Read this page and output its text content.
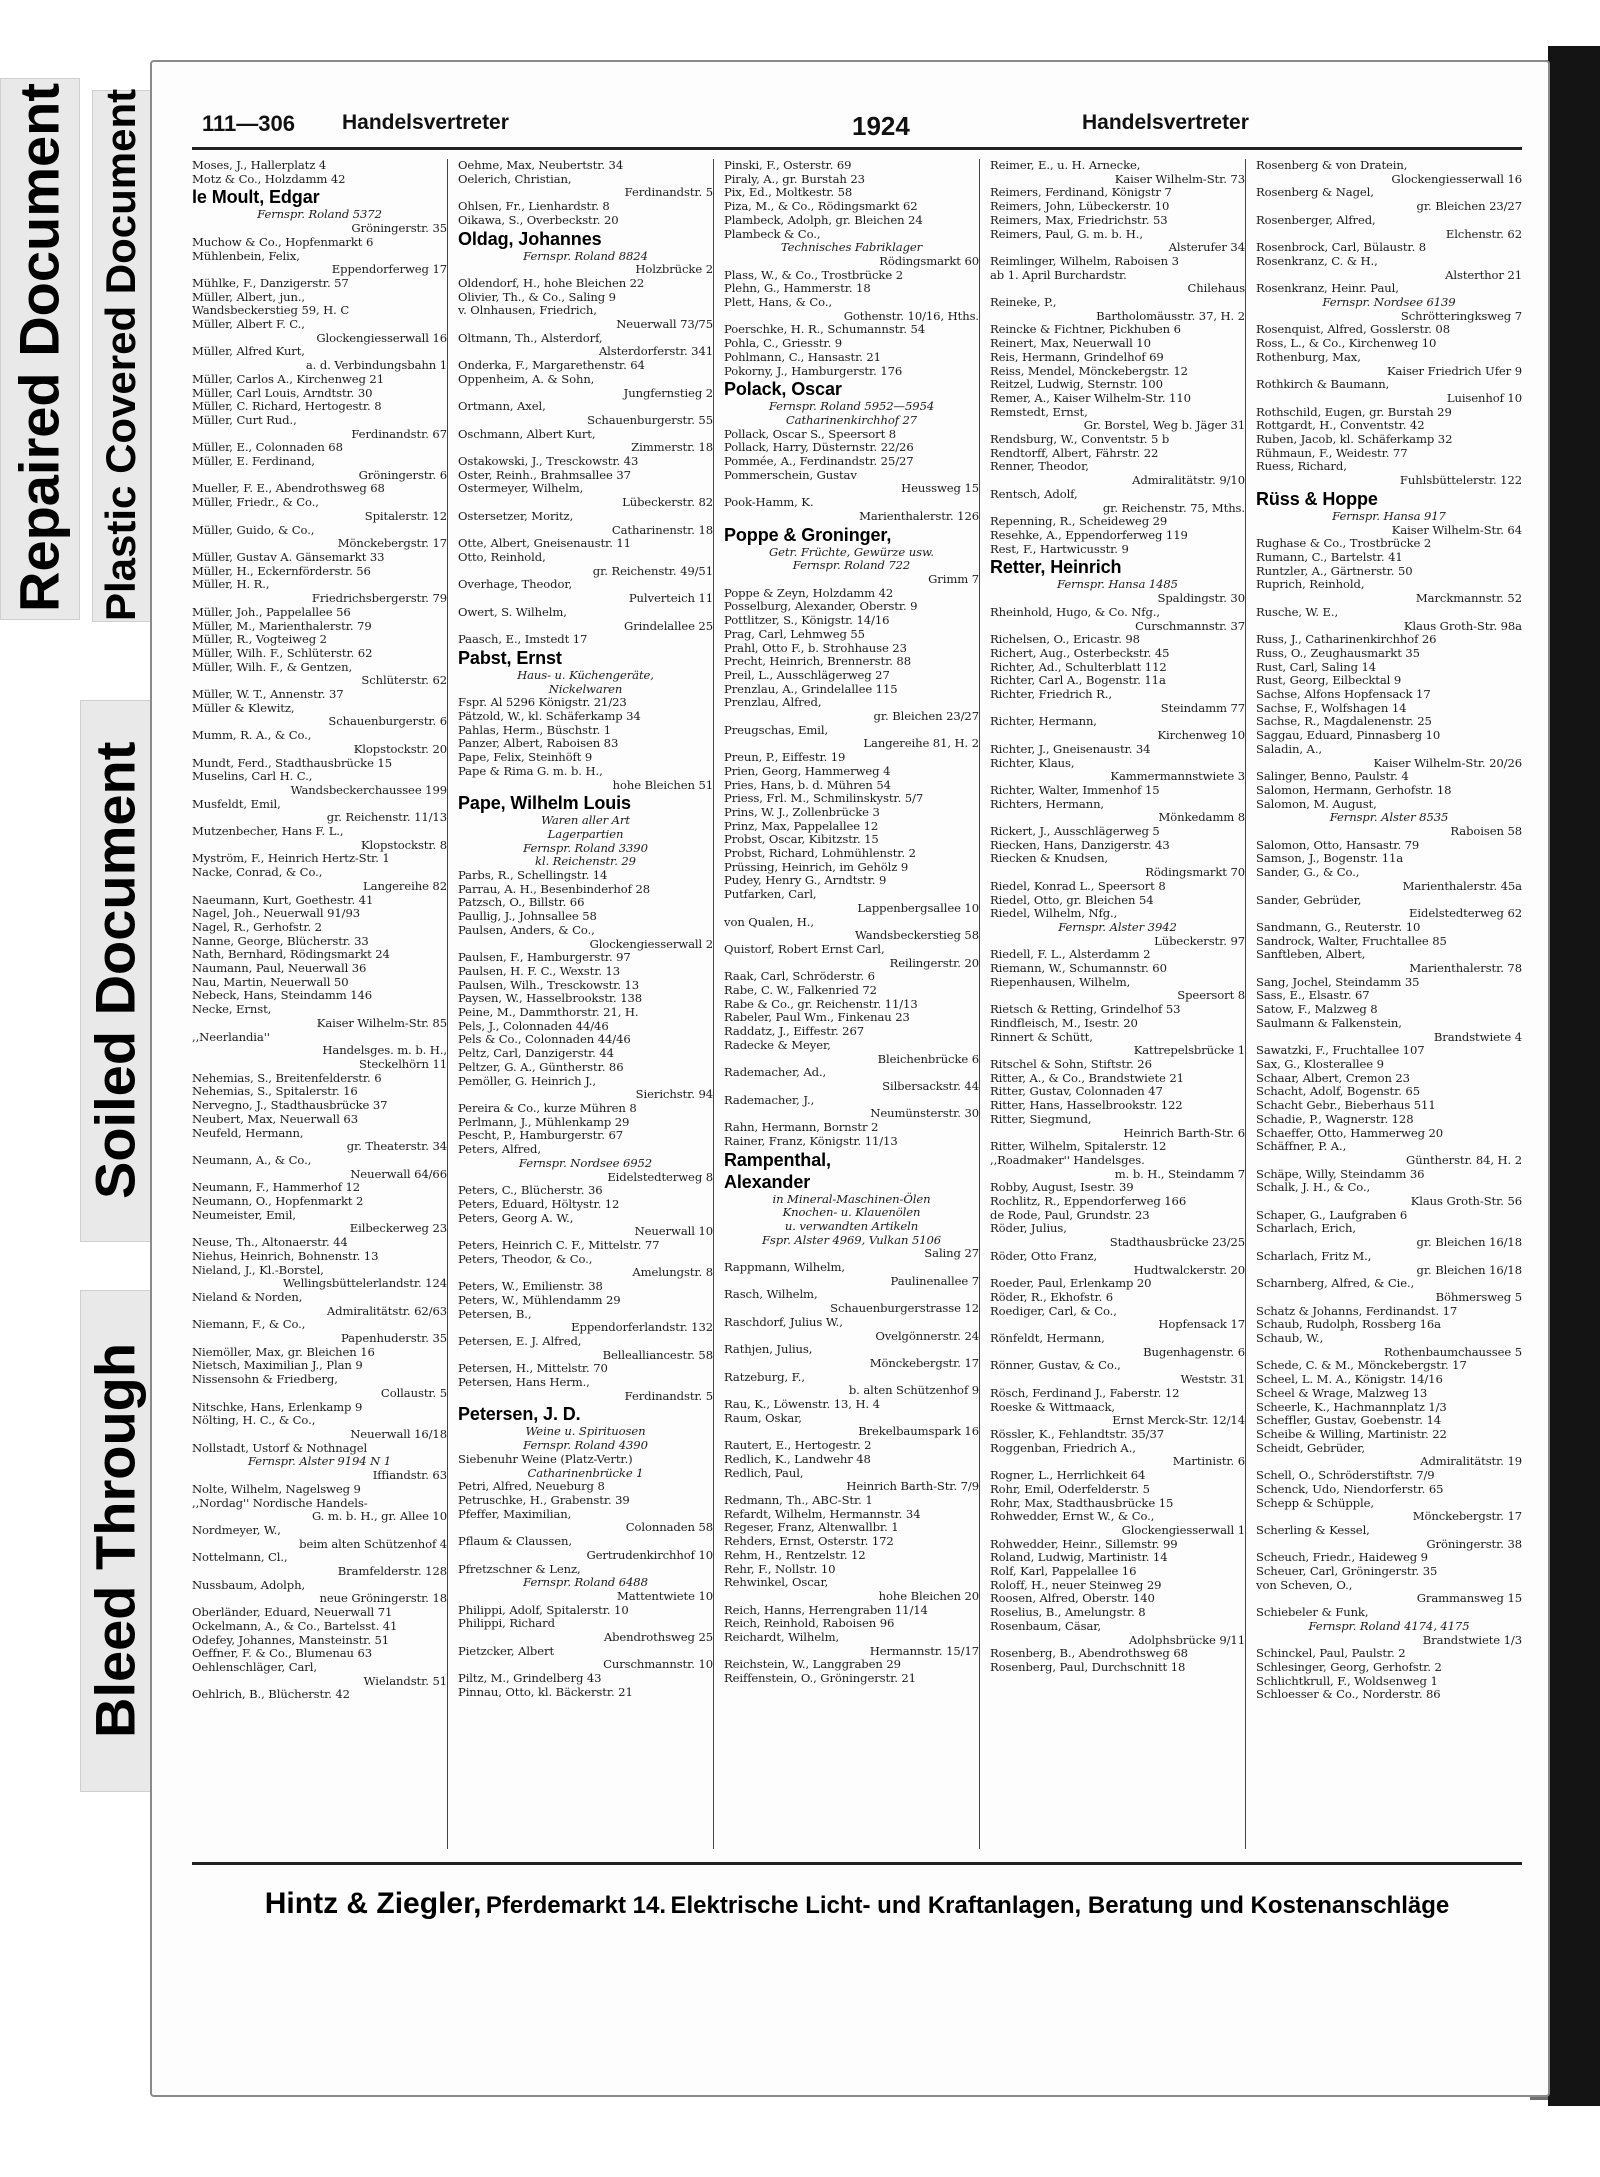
Repaired Document Plastic Covered Document
Soiled Document
Bleed Through
111—306 Handelsvertreter	1924	Handelsvertreter

Moses, J., Hallerplatz 4

Motz & Co., Holzdamm 42

le Moult, Edgar

Fernspr. Roland 5372

Gröningerstr. 35

Muchow & Co., Hopfenmarkt 6

Mühlenbein, Felix,

Eppendorferweg 17

Mühlke, F., Danzigerstr. 57

Müller, Albert, jun.,

Wandsbeckerstieg 59, H. C

Müller, Albert F. C.,

Glockengiesserwall 16

Müller, Alfred Kurt,

a. d. Verbindungsbahn 1

Müller, Carlos A., Kirchenweg 21

Müller, Carl Louis, Arndtstr. 30

Müller, C. Richard, Hertogestr. 8

Müller, Curt Rud.,

Ferdinandstr. 67

Müller, E., Colonnaden 68

Müller, E. Ferdinand,

Gröningerstr. 6

Mueller, F. E., Abendrothsweg 68

Müller, Friedr., & Co.,

Spitalerstr. 12

Müller, Guido, & Co.,

Mönckebergstr. 17

Müller, Gustav A. Gänsemarkt 33

Müller, H., Eckernförderstr. 56

Müller, H. R.,

Friedrichsbergerstr. 79

Müller, Joh., Pappelallee 56

Müller, M., Marienthalerstr. 79

Müller, R., Vogteiweg 2

Müller, Wilh. F., Schlüterstr. 62

Müller, Wilh. F., & Gentzen,

Schlüterstr. 62

Müller, W. T., Annenstr. 37

Müller & Klewitz,

Schauenburgerstr. 6

Mumm, R. A., & Co.,

Klopstockstr. 20

Mundt, Ferd., Stadthausbrücke 15

Muselins, Carl H. C.,

Wandsbeckerchaussee 199

Musfeldt, Emil,

gr. Reichenstr. 11/13

Mutzenbecher, Hans F. L.,

Klopstockstr. 8

Myström, F., Heinrich Hertz-Str. 1

Nacke, Conrad, & Co.,

Langereihe 82

Naeumann, Kurt, Goethestr. 41

Nagel, Joh., Neuerwall 91/93

Nagel, R., Gerhofstr. 2

Nanne, George, Blücherstr. 33

Nath, Bernhard, Rödingsmarkt 24

Naumann, Paul, Neuerwall 36

Nau, Martin, Neuerwall 50

Nebeck, Hans, Steindamm 146

Necke, Ernst,

Kaiser Wilhelm-Str. 85

,,Neerlandia''

Handelsges. m. b. H.,

Steckelhörn 11

Nehemias, S., Breitenfelderstr. 6

Nehemias, S., Spitalerstr. 16

Nervegno, J., Stadthausbrücke 37

Neubert, Max, Neuerwall 63

Neufeld, Hermann,

gr. Theaterstr. 34

Neumann, A., & Co.,

Neuerwall 64/66

Neumann, F., Hammerhof 12

Neumann, O., Hopfenmarkt 2

Neumeister, Emil,

Eilbeckerweg 23

Neuse, Th., Altonaerstr. 44

Niehus, Heinrich, Bohnenstr. 13

Nieland, J., Kl.-Borstel,

Wellingsbüttelerlandstr. 124

Nieland & Norden,

Admiralitätstr. 62/63

Niemann, F., & Co.,

Papenhuderstr. 35

Niemöller, Max, gr. Bleichen 16

Nietsch, Maximilian J., Plan 9

Nissensohn & Friedberg,

Collaustr. 5

Nitschke, Hans, Erlenkamp 9

Nölting, H. C., & Co.,

Neuerwall 16/18

Nollstadt, Ustorf & Nothnagel

Fernspr. Alster 9194 N 1

Iffiandstr. 63

Nolte, Wilhelm, Nagelsweg 9

,,Nordag'' Nordische Handels-

G. m. b. H., gr. Allee 10

Nordmeyer, W.,

beim alten Schützenhof 4

Nottelmann, Cl.,

Bramfelderstr. 128

Nussbaum, Adolph,

neue Gröningerstr. 18

Oberländer, Eduard, Neuerwall 71

Ockelmann, A., & Co., Bartelsst. 41

Odefey, Johannes, Mansteinstr. 51

Oeffner, F. & Co., Blumenau 63

Oehlenschläger, Carl,

Wielandstr. 51

Oehlrich, B., Blücherstr. 42

Oehme, Max, Neubertstr. 34

Oelerich, Christian,

Ferdinandstr. 5

Ohlsen, Fr., Lienhardstr. 8

Oikawa, S., Overbeckstr. 20

Oldag, Johannes

Fernspr. Roland 8824

Holzbrücke 2

Oldendorf, H., hohe Bleichen 22

Olivier, Th., & Co., Saling 9

v. Olnhausen, Friedrich,

Neuerwall 73/75

Oltmann, Th., Alsterdorf,

Alsterdorferstr. 341

Onderka, F., Margarethenstr. 64

Oppenheim, A. & Sohn,

Jungfernstieg 2

Ortmann, Axel,

Schauenburgerstr. 55

Oschmann, Albert Kurt,

Zimmerstr. 18

Ostakowski, J., Tresckowstr. 43

Oster, Reinh., Brahmsallee 37

Ostermeyer, Wilhelm,

Lübeckerstr. 82

Ostersetzer, Moritz,

Catharinenstr. 18

Otte, Albert, Gneisenaustr. 11

Otto, Reinhold,

gr. Reichenstr. 49/51

Overhage, Theodor,

Pulverteich 11

Owert, S. Wilhelm,

Grindelallee 25

Paasch, E., Imstedt 17

Pabst, Ernst

Haus- u. Küchengeräte,

Nickelwaren

Fspr. Al 5296 Königstr. 21/23

Pätzold, W., kl. Schäferkamp 34

Pahlas, Herm., Büschstr. 1

Panzer, Albert, Raboisen 83

Pape, Felix, Steinhöft 9

Pape & Rima G. m. b. H.,

hohe Bleichen 51

Pape, Wilhelm Louis

Waren aller Art

Lagerpartien

Fernspr. Roland 3390

kl. Reichenstr. 29

Parbs, R., Schellingstr. 14

Parrau, A. H., Besenbinderhof 28

Patzsch, O., Billstr. 66

Paullig, J., Johnsallee 58

Paulsen, Anders, & Co.,

Glockengiesserwall 2

Paulsen, F., Hamburgerstr. 97

Paulsen, H. F. C., Wexstr. 13

Paulsen, Wilh., Tresckowstr. 13

Paysen, W., Hasselbrookstr. 138

Peine, M., Dammthorstr. 21, H.

Pels, J., Colonnaden 44/46

Pels & Co., Colonnaden 44/46

Peltz, Carl, Danzigerstr. 44

Peltzer, G. A., Güntherstr. 86

Pemöller, G. Heinrich J.,

Sierichstr. 94

Pereira & Co., kurze Mühren 8

Perlmann, J., Mühlenkamp 29

Pescht, P., Hamburgerstr. 67

Peters, Alfred,

Fernspr. Nordsee 6952

Eidelstedterweg 8

Peters, C., Blücherstr. 36

Peters, Eduard, Höltystr. 12

Peters, Georg A. W.,

Neuerwall 10

Peters, Heinrich C. F., Mittelstr. 77

Peters, Theodor, & Co.,

Amelungstr. 8

Peters, W., Emilienstr. 38

Peters, W., Mühlendamm 29

Petersen, B.,

Eppendorferlandstr. 132

Petersen, E. J. Alfred,

Bellealliancestr. 58

Petersen, H., Mittelstr. 70

Petersen, Hans Herm.,

Ferdinandstr. 5

Petersen, J. D.

Weine u. Spirituosen

Fernspr. Roland 4390

Siebenuhr Weine (Platz-Vertr.)

Catharinenbrücke 1

Petri, Alfred, Neueburg 8

Petruschke, H., Grabenstr. 39

Pfeffer, Maximilian,

Colonnaden 58

Pflaum & Claussen,

Gertrudenkirchhof 10

Pfretzschner & Lenz,

Fernspr. Roland 6488

Mattentwiete 10

Philippi, Adolf, Spitalerstr. 10

Philippi, Richard

Abendrothsweg 25

Pietzcker, Albert

Curschmannstr. 10

Piltz, M., Grindelberg 43

Pinnau, Otto, kl. Bäckerstr. 21

Pinski, F., Osterstr. 69

Piraly, A., gr. Burstah 23

Pix, Ed., Moltkestr. 58

Piza, M., & Co., Rödingsmarkt 62

Plambeck, Adolph, gr. Bleichen 24

Plambeck & Co.,

Technisches Fabriklager

Rödingsmarkt 60

Plass, W., & Co., Trostbrücke 2

Plehn, G., Hammerstr. 18

Plett, Hans, & Co.,

Gothenstr. 10/16, Hths.

Poerschke, H. R., Schumannstr. 54

Pohla, C., Griesstr. 9

Pohlmann, C., Hansastr. 21

Pokorny, J., Hamburgerstr. 176

Polack, Oscar

Fernspr. Roland 5952—5954

Catharinenkirchhof 27

Pollack, Oscar S., Speersort 8

Pollack, Harry, Düsternstr. 22/26

Pommée, A., Ferdinandstr. 25/27

Pommerschein, Gustav

Heussweg 15

Pook-Hamm, K.

Marienthalerstr. 126

Poppe & Groninger,

Getr. Früchte, Gewürze usw.

Fernspr. Roland 722

Grimm 7

Poppe & Zeyn, Holzdamm 42

Posselburg, Alexander, Oberstr. 9

Pottlitzer, S., Königstr. 14/16

Prag, Carl, Lehmweg 55

Prahl, Otto F., b. Strohhause 23

Precht, Heinrich, Brennerstr. 88

Preil, L., Ausschlägerweg 27

Prenzlau, A., Grindelallee 115

Prenzlau, Alfred,

gr. Bleichen 23/27

Preugschas, Emil,

Langereihe 81, H. 2

Preun, P., Eiffestr. 19

Prien, Georg, Hammerweg 4

Pries, Hans, b. d. Mühren 54

Priess, Frl. M., Schmilinskystr. 5/7

Prins, W. J., Zollenbrücke 3

Prinz, Max, Pappelallee 12

Probst, Oscar, Kibitzstr. 15

Probst, Richard, Lohmühlenstr. 2

Prüssing, Heinrich, im Gehölz 9

Pudey, Henry G., Arndtstr. 9

Putfarken, Carl,

Lappenbergsallee 10

von Qualen, H.,

Wandsbeckerstieg 58

Quistorf, Robert Ernst Carl,

Reilingerstr. 20

Raak, Carl, Schröderstr. 6

Rabe, C. W., Falkenried 72

Rabe & Co., gr. Reichenstr. 11/13

Rabeler, Paul Wm., Finkenau 23

Raddatz, J., Eiffestr. 267

Radecke & Meyer,

Bleichenbrücke 6

Rademacher, Ad.,

Silbersackstr. 44

Rademacher, J.,

Neumünsterstr. 30

Rahn, Hermann, Bornstr 2

Rainer, Franz, Königstr. 11/13

Rampenthal,

Alexander

in Mineral-Maschinen-Ölen

Knochen- u. Klauenölen

u. verwandten Artikeln

Fspr. Alster 4969, Vulkan 5106

Saling 27

Rappmann, Wilhelm,

Paulinenallee 7

Rasch, Wilhelm,

Schauenburgerstrasse 12

Raschdorf, Julius W.,

Ovelgönnerstr. 24

Rathjen, Julius,

Mönckebergstr. 17

Ratzeburg, F.,

b. alten Schützenhof 9

Rau, K., Löwenstr. 13, H. 4

Raum, Oskar,

Brekelbaumspark 16

Rautert, E., Hertogestr. 2

Redlich, K., Landwehr 48

Redlich, Paul,

Heinrich Barth-Str. 7/9

Redmann, Th., ABC-Str. 1

Refardt, Wilhelm, Hermannstr. 34

Regeser, Franz, Altenwallbr. 1

Rehders, Ernst, Osterstr. 172

Rehm, H., Rentzelstr. 12

Rehr, F., Nollstr. 10

Rehwinkel, Oscar,

hohe Bleichen 20

Reich, Hanns, Herrengraben 11/14

Reich, Reinhold, Raboisen 96

Reichardt, Wilhelm,

Hermannstr. 15/17

Reichstein, W., Langgraben 29

Reiffenstein, O., Gröningerstr. 21

Reimer, E., u. H. Arnecke,

Kaiser Wilhelm-Str. 73

Reimers, Ferdinand, Königstr 7

Reimers, John, Lübeckerstr. 10

Reimers, Max, Friedrichstr. 53

Reimers, Paul, G. m. b. H.,

Alsterufer 34

Reimlinger, Wilhelm, Raboisen 3

ab 1. April Burchardstr.

Chilehaus

Reineke, P.,

Bartholomäusstr. 37, H. 2

Reincke & Fichtner, Pickhuben 6

Reinert, Max, Neuerwall 10

Reis, Hermann, Grindelhof 69

Reiss, Mendel, Mönckebergstr. 12

Reitzel, Ludwig, Sternstr. 100

Remer, A., Kaiser Wilhelm-Str. 110

Remstedt, Ernst,

Gr. Borstel, Weg b. Jäger 31

Rendsburg, W., Conventstr. 5 b

Rendtorff, Albert, Fährstr. 22

Renner, Theodor,

Admiralitätstr. 9/10

Rentsch, Adolf,

gr. Reichenstr. 75, Mths.

Repenning, R., Scheideweg 29

Resehke, A., Eppendorferweg 119

Rest, F., Hartwicusstr. 9

Retter, Heinrich

Fernspr. Hansa 1485

Spaldingstr. 30

Rheinhold, Hugo, & Co. Nfg.,

Curschmannstr. 37

Richelsen, O., Ericastr. 98

Richert, Aug., Osterbeckstr. 45

Richter, Ad., Schulterblatt 112

Richter, Carl A., Bogenstr. 11a

Richter, Friedrich R.,

Steindamm 77

Richter, Hermann,

Kirchenweg 10

Richter, J., Gneisenaustr. 34

Richter, Klaus,

Kammermannstwiete 3

Richter, Walter, Immenhof 15

Richters, Hermann,

Mönkedamm 8

Rickert, J., Ausschlägerweg 5

Riecken, Hans, Danzigerstr. 43

Riecken & Knudsen,

Rödingsmarkt 70

Riedel, Konrad L., Speersort 8

Riedel, Otto, gr. Bleichen 54

Riedel, Wilhelm, Nfg.,

Fernspr. Alster 3942

Lübeckerstr. 97

Riedell, F. L., Alsterdamm 2

Riemann, W., Schumannstr. 60

Riepenhausen, Wilhelm,

Speersort 8

Rietsch & Retting, Grindelhof 53

Rindfleisch, M., Isestr. 20

Rinnert & Schütt,

Kattrepelsbrücke 1

Ritschel & Sohn, Stiftstr. 26

Ritter, A., & Co., Brandstwiete 21

Ritter, Gustav, Colonnaden 47

Ritter, Hans, Hasselbrookstr. 122

Ritter, Siegmund,

Heinrich Barth-Str. 6

Ritter, Wilhelm, Spitalerstr. 12

,,Roadmaker'' Handelsges.

m. b. H., Steindamm 7

Robby, August, Isestr. 39

Rochlitz, R., Eppendorferweg 166

de Rode, Paul, Grundstr. 23

Röder, Julius,

Stadthausbrücke 23/25

Röder, Otto Franz,

Hudtwalckerstr. 20

Roeder, Paul, Erlenkamp 20

Röder, R., Ekhofstr. 6

Roediger, Carl, & Co.,

Hopfensack 17

Rönfeldt, Hermann,

Bugenhagenstr. 6

Rönner, Gustav, & Co.,

Weststr. 31

Rösch, Ferdinand J., Faberstr. 12

Roeske & Wittmaack,

Ernst Merck-Str. 12/14

Rössler, K., Fehlandtstr. 35/37

Roggenban, Friedrich A.,

Martinistr. 6

Rogner, L., Herrlichkeit 64

Rohr, Emil, Oderfelderstr. 5

Rohr, Max, Stadthausbrücke 15

Rohwedder, Ernst W., & Co.,

Glockengiesserwall 1

Rohwedder, Heinr., Sillemstr. 99

Roland, Ludwig, Martinistr. 14

Rolf, Karl, Pappelallee 16

Roloff, H., neuer Steinweg 29

Roosen, Alfred, Oberstr. 140

Roselius, B., Amelungstr. 8

Rosenbaum, Cäsar,

Adolphsbrücke 9/11

Rosenberg, B., Abendrothsweg 68

Rosenberg, Paul, Durchschnitt 18

Rosenberg & von Dratein,

Glockengiesserwall 16

Rosenberg & Nagel,

gr. Bleichen 23/27

Rosenberger, Alfred,

Elchenstr. 62

Rosenbrock, Carl, Bülaustr. 8

Rosenkranz, C. & H.,

Alsterthor 21

Rosenkranz, Heinr. Paul,

Fernspr. Nordsee 6139

Schrötteringksweg 7

Rosenquist, Alfred, Gosslerstr. 08

Ross, L., & Co., Kirchenweg 10

Rothenburg, Max,

Kaiser Friedrich Ufer 9

Rothkirch & Baumann,

Luisenhof 10

Rothschild, Eugen, gr. Burstah 29

Rottgardt, H., Conventstr. 42

Ruben, Jacob, kl. Schäferkamp 32

Rühmaun, F., Weidestr. 77

Ruess, Richard,

Fuhlsbüttelerstr. 122

Rüss & Hoppe

Fernspr. Hansa 917

Kaiser Wilhelm-Str. 64

Rughase & Co., Trostbrücke 2

Rumann, C., Bartelstr. 41

Runtzler, A., Gärtnerstr. 50

Ruprich, Reinhold,

Marckmannstr. 52

Rusche, W. E.,

Klaus Groth-Str. 98a

Russ, J., Catharinenkirchhof 26

Russ, O., Zeughausmarkt 35

Rust, Carl, Saling 14

Rust, Georg, Eilbecktal 9

Sachse, Alfons Hopfensack 17

Sachse, F., Wolfshagen 14

Sachse, R., Magdalenenstr. 25

Saggau, Eduard, Pinnasberg 10

Saladin, A.,

Kaiser Wilhelm-Str. 20/26

Salinger, Benno, Paulstr. 4

Salomon, Hermann, Gerhofstr. 18

Salomon, M. August,

Fernspr. Alster 8535

Raboisen 58

Salomon, Otto, Hansastr. 79

Samson, J., Bogenstr. 11a

Sander, G., & Co.,

Marienthalerstr. 45a

Sander, Gebrüder,

Eidelstedterweg 62

Sandmann, G., Reuterstr. 10

Sandrock, Walter, Fruchtallee 85

Sanftleben, Albert,

Marienthalerstr. 78

Sang, Jochel, Steindamm 35

Sass, E., Elsastr. 67

Satow, F., Malzweg 8

Saulmann & Falkenstein,

Brandstwiete 4

Sawatzki, F., Fruchtallee 107

Sax, G., Klosterallee 9

Schaar, Albert, Cremon 23

Schacht, Adolf, Bogenstr. 65

Schacht Gebr., Bieberhaus 511

Schadie, P., Wagnerstr. 128

Schaeffer, Otto, Hammerweg 20

Schäffner, P. A.,

Güntherstr. 84, H. 2

Schäpe, Willy, Steindamm 36

Schalk, J. H., & Co.,

Klaus Groth-Str. 56

Schaper, G., Laufgraben 6

Scharlach, Erich,

gr. Bleichen 16/18

Scharlach, Fritz M.,

gr. Bleichen 16/18

Scharnberg, Alfred, & Cie.,

Böhmersweg 5

Schatz & Johanns, Ferdinandst. 17

Schaub, Rudolph, Rossberg 16a

Schaub, W.,

Rothenbaumchaussee 5

Schede, C. & M., Mönckebergstr. 17

Scheel, L. M. A., Königstr. 14/16

Scheel & Wrage, Malzweg 13

Scheerle, K., Hachmannplatz 1/3

Scheffler, Gustav, Goebenstr. 14

Scheibe & Willing, Martinistr. 22

Scheidt, Gebrüder,

Admiralitätstr. 19

Schell, O., Schröderstiftstr. 7/9

Schenck, Udo, Niendorferstr. 65

Schepp & Schüpple,

Mönckebergstr. 17

Scherling & Kessel,

Gröningerstr. 38

Scheuch, Friedr., Haideweg 9

Scheuer, Carl, Gröningerstr. 35

von Scheven, O.,

Grammansweg 15

Schiebeler & Funk,

Fernspr. Roland 4174, 4175

Brandstwiete 1/3

Schinckel, Paul, Paulstr. 2

Schlesinger, Georg, Gerhofstr. 2

Schlichtkrull, F., Woldsenweg 1

Schloesser & Co., Norderstr. 86

Hintz & Ziegler, Pferdemarkt 14. Elektrische Licht- und Kraftanlagen, Beratung und Kostenanschläge
